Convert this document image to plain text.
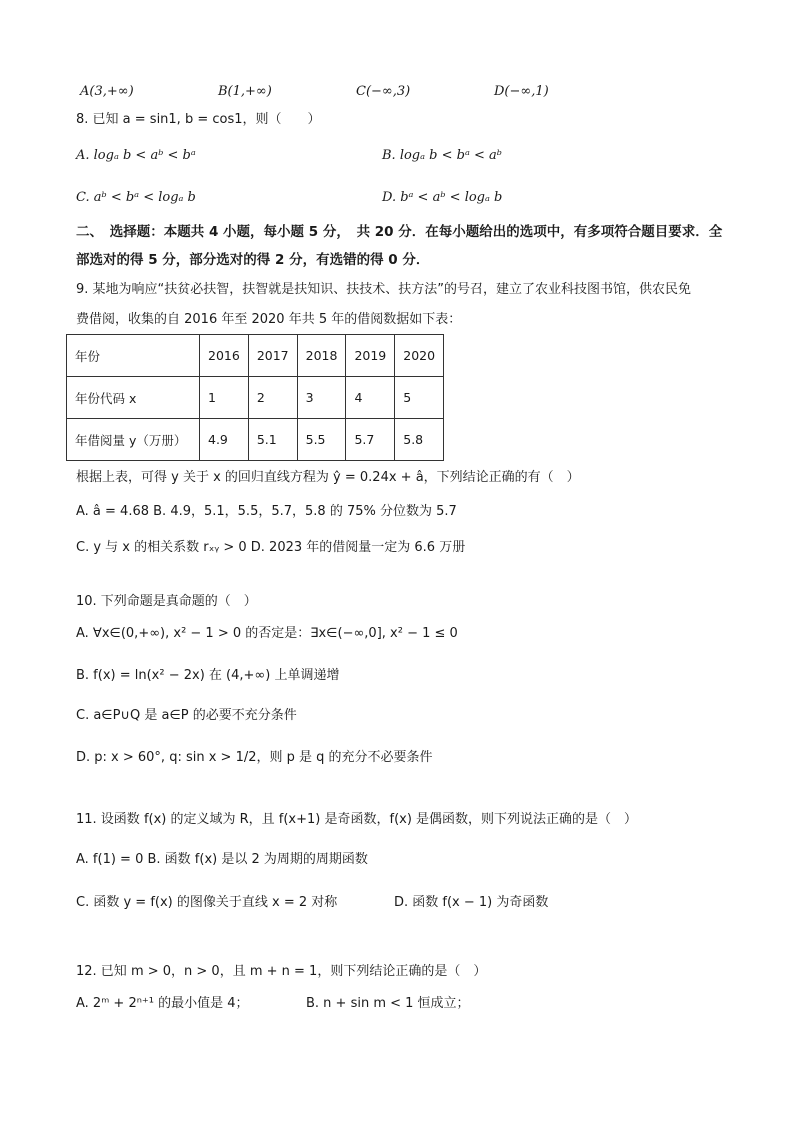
A(3,+∞)	B(1,+∞)	C(−∞,3)	D(−∞,1)
8. 已知 a = sin1, b = cos1，则（　　）
A. logₐ b < aᵇ < bᵃ	B. logₐ b < bᵃ < aᵇ
C. aᵇ < bᵃ < logₐ b	D. bᵃ < aᵇ < logₐ b
二、　选择题：本题共 4 小题，每小题 5 分，　共 20 分．在每小题给出的选项中，有多项符合题目要求．全部选对的得 5 分，部分选对的得 2 分，有选错的得 0 分．
9. 某地为响应“扶贫必扶智，扶智就是扶知识、扶技术、扶方法”的号召，建立了农业科技图书馆，供农民免
费借阅，收集的自 2016 年至 2020 年共 5 年的借阅数据如下表：
年份	2016	2017	2018	2019	2020
年份代码 x	1	2	3	4	5
年借阅量 y（万册）	4.9	5.1	5.5	5.7	5.8
根据上表，可得 y 关于 x 的回归直线方程为 ŷ = 0.24x + â，下列结论正确的有（　）
A. â = 4.68 B. 4.9，5.1，5.5，5.7，5.8 的 75% 分位数为 5.7
C. y 与 x 的相关系数 rₓᵧ > 0 D. 2023 年的借阅量一定为 6.6 万册
10. 下列命题是真命题的（　）
A. ∀x∈(0,+∞), x² − 1 > 0 的否定是：∃x∈(−∞,0], x² − 1 ≤ 0
B. f(x) = ln(x² − 2x) 在 (4,+∞) 上单调递增
C. a∈P∪Q 是 a∈P 的必要不充分条件
D. p: x > 60°, q: sin x > 1/2，则 p 是 q 的充分不必要条件
11. 设函数 f(x) 的定义域为 R，且 f(x+1) 是奇函数，f(x) 是偶函数，则下列说法正确的是（　）
A. f(1) = 0 B. 函数 f(x) 是以 2 为周期的周期函数
C. 函数 y = f(x) 的图像关于直线 x = 2 对称	D. 函数 f(x − 1) 为奇函数
12. 已知 m > 0，n > 0，且 m + n = 1，则下列结论正确的是（　）
A. 2ᵐ + 2ⁿ⁺¹ 的最小值是 4；	B. n + sin m < 1 恒成立；
